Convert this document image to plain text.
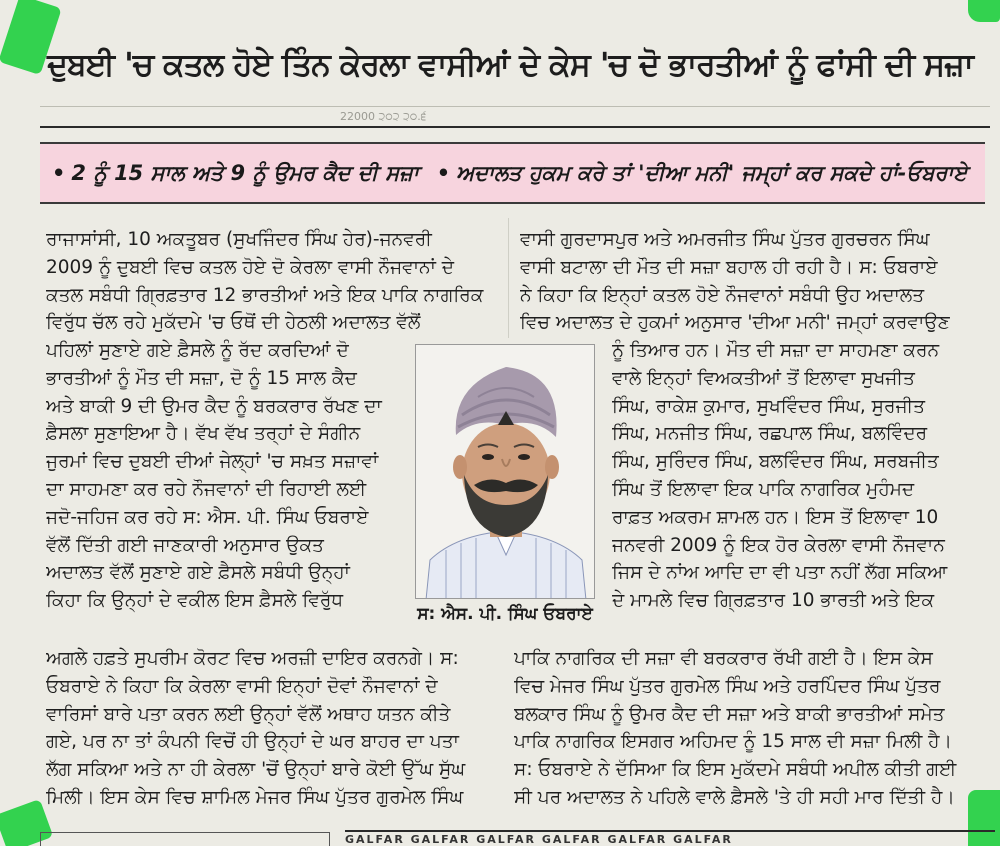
ਦੁਬਈ 'ਚ ਕਤਲ ਹੋਏ ਤਿੰਨ ਕੇਰਲਾ ਵਾਸੀਆਂ ਦੇ ਕੇਸ 'ਚ ਦੋ ਭਾਰਤੀਆਂ ਨੂੰ ਫਾਂਸੀ ਦੀ ਸਜ਼ਾ
22000 ੨੦੨ ੨੦.੬
• 2 ਨੂੰ 15 ਸਾਲ ਅਤੇ 9 ਨੂੰ ਉਮਰ ਕੈਦ ਦੀ ਸਜ਼ਾ • ਅਦਾਲਤ ਹੁਕਮ ਕਰੇ ਤਾਂ 'ਦੀਆ ਮਨੀ' ਜਮ੍ਹਾਂ ਕਰ ਸਕਦੇ ਹਾਂ-ਓਬਰਾਏ

ਰਾਜਾਸਾਂਸੀ, 10 ਅਕਤੂਬਰ (ਸੁਖਜਿੰਦਰ ਸਿੰਘ ਹੇਰ)-ਜਨਵਰੀ

2009 ਨੂੰ ਦੁਬਈ ਵਿਚ ਕਤਲ ਹੋਏ ਦੋ ਕੇਰਲਾ ਵਾਸੀ ਨੌਜਵਾਨਾਂ ਦੇ

ਕਤਲ ਸਬੰਧੀ ਗ੍ਰਿਫ਼ਤਾਰ 12 ਭਾਰਤੀਆਂ ਅਤੇ ਇਕ ਪਾਕਿ ਨਾਗਰਿਕ

ਵਿਰੁੱਧ ਚੱਲ ਰਹੇ ਮੁਕੱਦਮੇ 'ਚ ਓਥੋਂ ਦੀ ਹੇਠਲੀ ਅਦਾਲਤ ਵੱਲੋਂ

ਪਹਿਲਾਂ ਸੁਣਾਏ ਗਏ ਫ਼ੈਸਲੇ ਨੂੰ ਰੱਦ ਕਰਦਿਆਂ ਦੋ

ਭਾਰਤੀਆਂ ਨੂੰ ਮੌਤ ਦੀ ਸਜ਼ਾ, ਦੋ ਨੂੰ 15 ਸਾਲ ਕੈਦ

ਅਤੇ ਬਾਕੀ 9 ਦੀ ਉਮਰ ਕੈਦ ਨੂੰ ਬਰਕਰਾਰ ਰੱਖਣ ਦਾ

ਫ਼ੈਸਲਾ ਸੁਣਾਇਆ ਹੈ। ਵੱਖ ਵੱਖ ਤਰ੍ਹਾਂ ਦੇ ਸੰਗੀਨ

ਜੁਰਮਾਂ ਵਿਚ ਦੁਬਈ ਦੀਆਂ ਜੇਲ੍ਹਾਂ 'ਚ ਸਖ਼ਤ ਸਜ਼ਾਵਾਂ

ਦਾ ਸਾਹਮਣਾ ਕਰ ਰਹੇ ਨੌਜਵਾਨਾਂ ਦੀ ਰਿਹਾਈ ਲਈ

ਜਦੋ-ਜਹਿਜ ਕਰ ਰਹੇ ਸ: ਐਸ. ਪੀ. ਸਿੰਘ ਓਬਰਾਏ

ਵੱਲੋਂ ਦਿੱਤੀ ਗਈ ਜਾਣਕਾਰੀ ਅਨੁਸਾਰ ਉਕਤ

ਅਦਾਲਤ ਵੱਲੋਂ ਸੁਣਾਏ ਗਏ ਫ਼ੈਸਲੇ ਸਬੰਧੀ ਉਨ੍ਹਾਂ

ਕਿਹਾ ਕਿ ਉਨ੍ਹਾਂ ਦੇ ਵਕੀਲ ਇਸ ਫ਼ੈਸਲੇ ਵਿਰੁੱਧ

ਅਗਲੇ ਹਫ਼ਤੇ ਸੁਪਰੀਮ ਕੋਰਟ ਵਿਚ ਅਰਜ਼ੀ ਦਾਇਰ ਕਰਨਗੇ। ਸ:

ਓਬਰਾਏ ਨੇ ਕਿਹਾ ਕਿ ਕੇਰਲਾ ਵਾਸੀ ਇਨ੍ਹਾਂ ਦੋਵਾਂ ਨੌਜਵਾਨਾਂ ਦੇ

ਵਾਰਿਸਾਂ ਬਾਰੇ ਪਤਾ ਕਰਨ ਲਈ ਉਨ੍ਹਾਂ ਵੱਲੋਂ ਅਥਾਹ ਯਤਨ ਕੀਤੇ

ਗਏ, ਪਰ ਨਾ ਤਾਂ ਕੰਪਨੀ ਵਿਚੋਂ ਹੀ ਉਨ੍ਹਾਂ ਦੇ ਘਰ ਬਾਹਰ ਦਾ ਪਤਾ

ਲੱਗ ਸਕਿਆ ਅਤੇ ਨਾ ਹੀ ਕੇਰਲਾ 'ਚੋਂ ਉਨ੍ਹਾਂ ਬਾਰੇ ਕੋਈ ਉੱਘ ਸੁੱਘ

ਮਿਲੀ। ਇਸ ਕੇਸ ਵਿਚ ਸ਼ਾਮਿਲ ਮੇਜਰ ਸਿੰਘ ਪੁੱਤਰ ਗੁਰਮੇਲ ਸਿੰਘ

ਵਾਸੀ ਗੁਰਦਾਸਪੁਰ ਅਤੇ ਅਮਰਜੀਤ ਸਿੰਘ ਪੁੱਤਰ ਗੁਰਚਰਨ ਸਿੰਘ

ਵਾਸੀ ਬਟਾਲਾ ਦੀ ਮੌਤ ਦੀ ਸਜ਼ਾ ਬਹਾਲ ਹੀ ਰਹੀ ਹੈ। ਸ: ਓਬਰਾਏ

ਨੇ ਕਿਹਾ ਕਿ ਇਨ੍ਹਾਂ ਕਤਲ ਹੋਏ ਨੌਜਵਾਨਾਂ ਸਬੰਧੀ ਉਹ ਅਦਾਲਤ

ਵਿਚ ਅਦਾਲਤ ਦੇ ਹੁਕਮਾਂ ਅਨੁਸਾਰ 'ਦੀਆ ਮਨੀ' ਜਮ੍ਹਾਂ ਕਰਵਾਉਣ

ਨੂੰ ਤਿਆਰ ਹਨ। ਮੌਤ ਦੀ ਸਜ਼ਾ ਦਾ ਸਾਹਮਣਾ ਕਰਨ

ਵਾਲੇ ਇਨ੍ਹਾਂ ਵਿਅਕਤੀਆਂ ਤੋਂ ਇਲਾਵਾ ਸੁਖਜੀਤ

ਸਿੰਘ, ਰਾਕੇਸ਼ ਕੁਮਾਰ, ਸੁਖਵਿੰਦਰ ਸਿੰਘ, ਸੁਰਜੀਤ

ਸਿੰਘ, ਮਨਜੀਤ ਸਿੰਘ, ਰਛਪਾਲ ਸਿੰਘ, ਬਲਵਿੰਦਰ

ਸਿੰਘ, ਸੁਰਿੰਦਰ ਸਿੰਘ, ਬਲਵਿੰਦਰ ਸਿੰਘ, ਸਰਬਜੀਤ

ਸਿੰਘ ਤੋਂ ਇਲਾਵਾ ਇਕ ਪਾਕਿ ਨਾਗਰਿਕ ਮੁਹੰਮਦ

ਰਾਫ਼ਤ ਅਕਰਮ ਸ਼ਾਮਲ ਹਨ। ਇਸ ਤੋਂ ਇਲਾਵਾ 10

ਜਨਵਰੀ 2009 ਨੂੰ ਇਕ ਹੋਰ ਕੇਰਲਾ ਵਾਸੀ ਨੌਜਵਾਨ

ਜਿਸ ਦੇ ਨਾਂਅ ਆਦਿ ਦਾ ਵੀ ਪਤਾ ਨਹੀਂ ਲੱਗ ਸਕਿਆ

ਦੇ ਮਾਮਲੇ ਵਿਚ ਗ੍ਰਿਫ਼ਤਾਰ 10 ਭਾਰਤੀ ਅਤੇ ਇਕ

ਪਾਕਿ ਨਾਗਰਿਕ ਦੀ ਸਜ਼ਾ ਵੀ ਬਰਕਰਾਰ ਰੱਖੀ ਗਈ ਹੈ। ਇਸ ਕੇਸ

ਵਿਚ ਮੇਜਰ ਸਿੰਘ ਪੁੱਤਰ ਗੁਰਮੇਲ ਸਿੰਘ ਅਤੇ ਹਰਪਿੰਦਰ ਸਿੰਘ ਪੁੱਤਰ

ਬਲਕਾਰ ਸਿੰਘ ਨੂੰ ਉਮਰ ਕੈਦ ਦੀ ਸਜ਼ਾ ਅਤੇ ਬਾਕੀ ਭਾਰਤੀਆਂ ਸਮੇਤ

ਪਾਕਿ ਨਾਗਰਿਕ ਇਸਗਰ ਅਹਿਮਦ ਨੂੰ 15 ਸਾਲ ਦੀ ਸਜ਼ਾ ਮਿਲੀ ਹੈ।

ਸ: ਓਬਰਾਏ ਨੇ ਦੱਸਿਆ ਕਿ ਇਸ ਮੁਕੱਦਮੇ ਸਬੰਧੀ ਅਪੀਲ ਕੀਤੀ ਗਈ

ਸੀ ਪਰ ਅਦਾਲਤ ਨੇ ਪਹਿਲੇ ਵਾਲੇ ਫ਼ੈਸਲੇ 'ਤੇ ਹੀ ਸਹੀ ਮਾਰ ਦਿੱਤੀ ਹੈ।

ਸ: ਐਸ. ਪੀ. ਸਿੰਘ ਓਬਰਾਏ
GALFAR GALFAR GALFAR GALFAR GALFAR GALFAR
